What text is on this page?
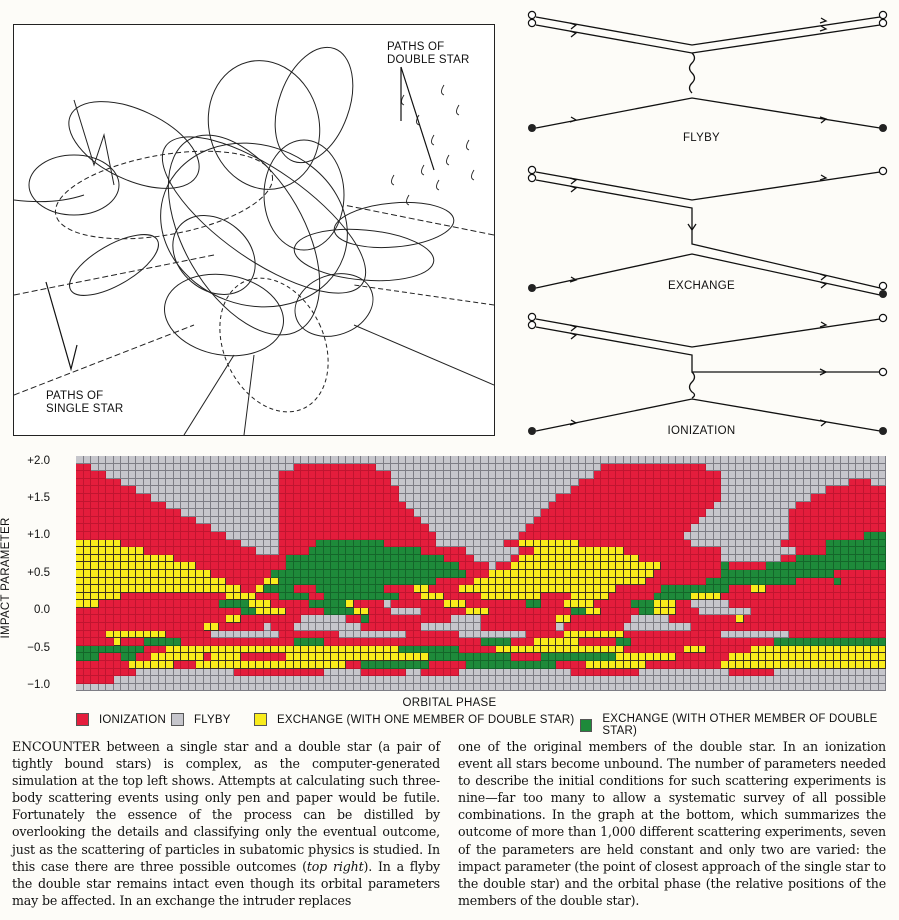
PATHS OF
DOUBLE STAR
PATHS OF
SINGLE STAR
FLYBY
EXCHANGE
IONIZATION
+2.0
+1.5
+1.0
+0.5
0.0
−0.5
−1.0
IMPACT PARAMETER
ORBITAL PHASE
IONIZATION FLYBY	EXCHANGE (WITH ONE MEMBER OF DOUBLE STAR) EXCHANGE (WITH OTHER MEMBER OF DOUBLE STAR)

ENCOUNTER between a single star and a double star (a pair of tightly bound stars) is complex, as the computer-generated simulation at the top left shows. Attempts at calculating such three-body scattering events using only pen and paper would be futile. Fortunately the essence of the process can be distilled by overlooking the details and classifying only the eventual outcome, just as the scattering of particles in subatomic physics is studied. In this case there are three possible outcomes (top right). In a flyby the double star remains intact even though its orbital parameters may be affected. In an exchange the intruder replaces

one of the original members of the double star. In an ionization event all stars become unbound. The number of parameters needed to describe the initial conditions for such scattering experiments is nine—far too many to allow a systematic survey of all possible combinations. In the graph at the bottom, which summarizes the outcome of more than 1,000 different scattering experiments, seven of the parameters are held constant and only two are varied: the impact parameter (the point of closest approach of the single star to the double star) and the orbital phase (the relative positions of the members of the double star).
